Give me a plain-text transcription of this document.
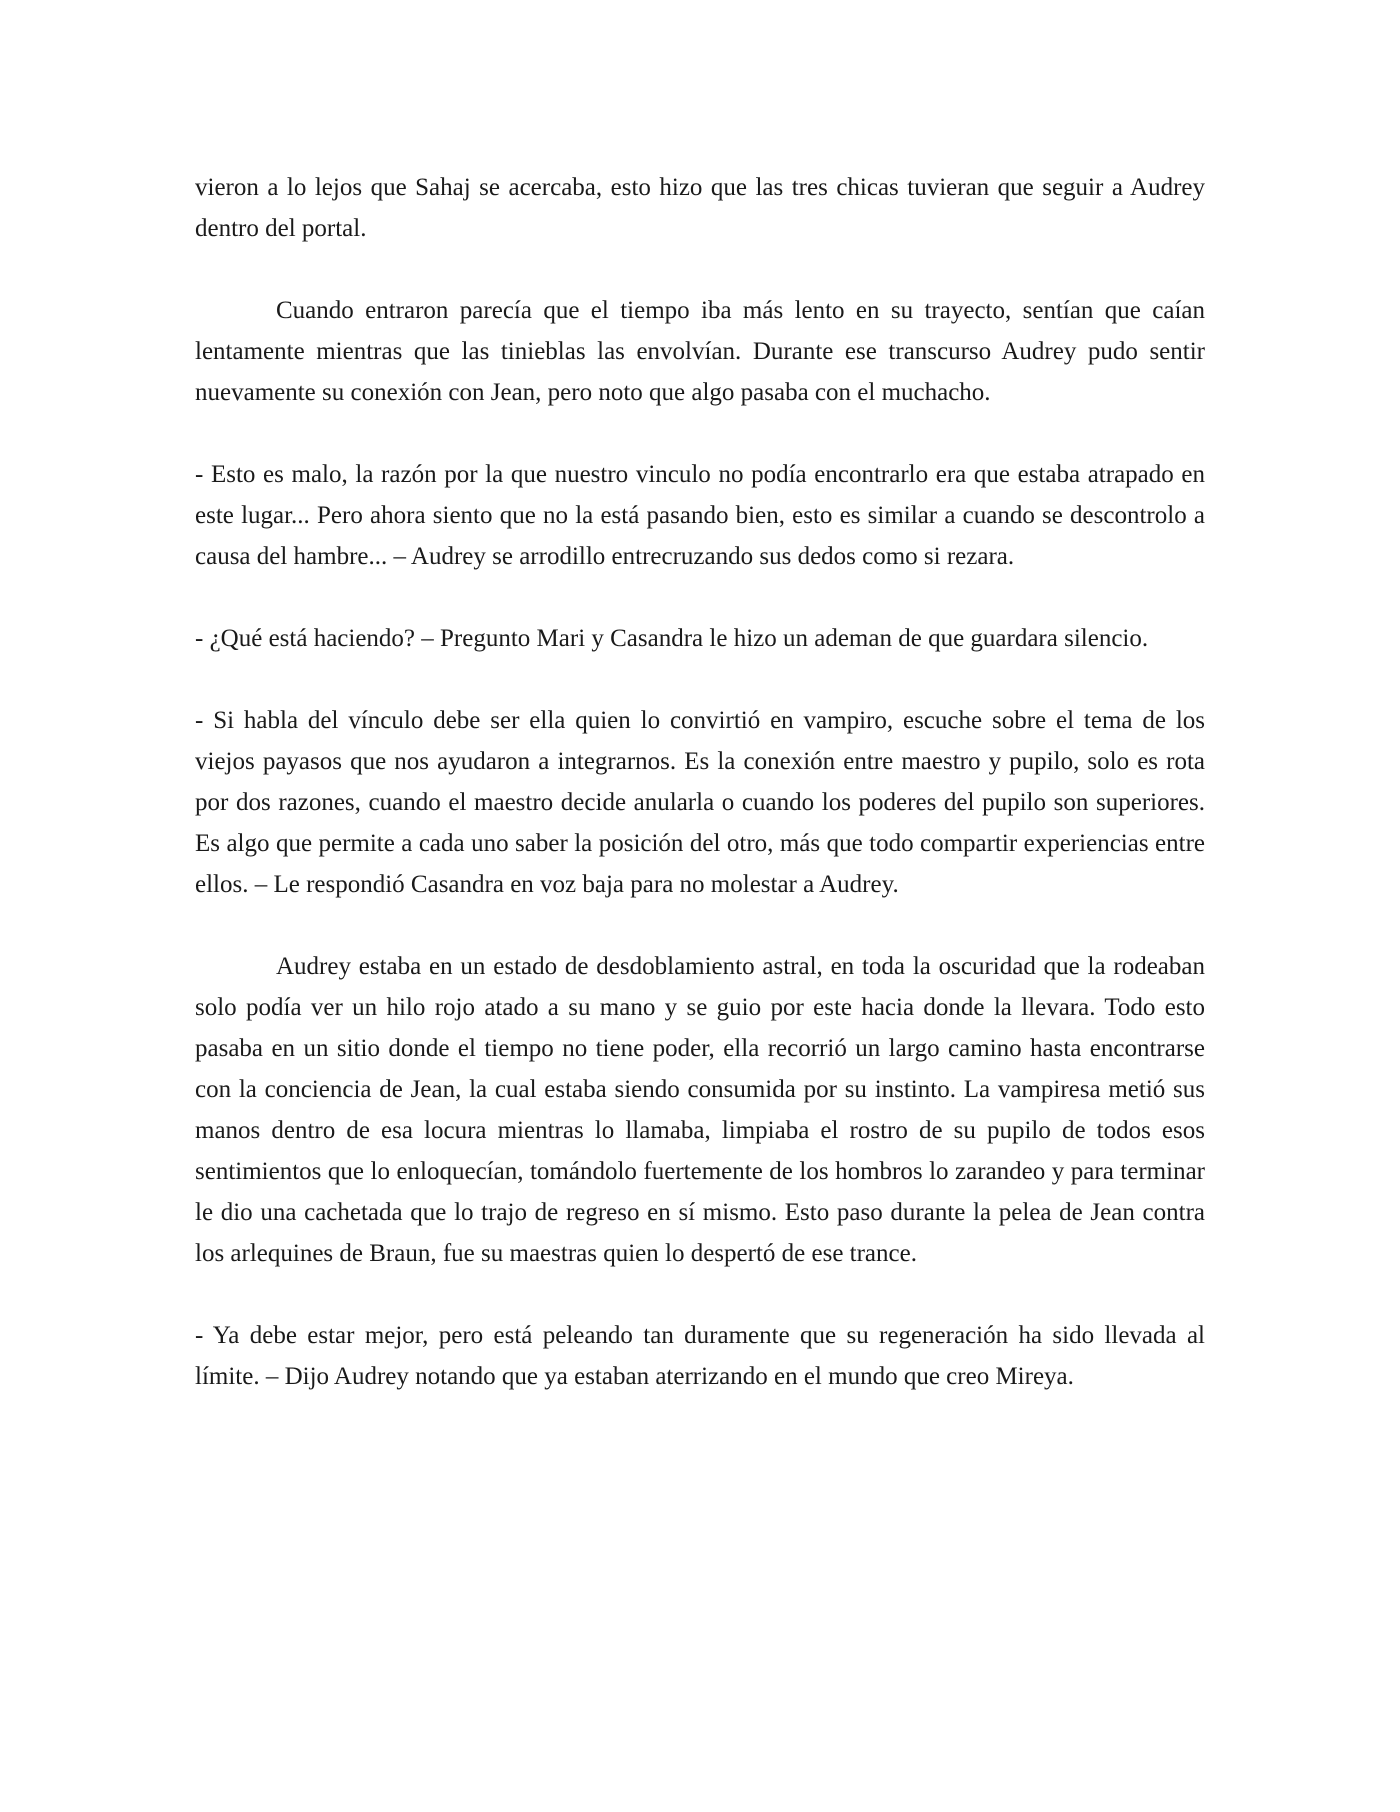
vieron a lo lejos que Sahaj se acercaba, esto hizo que las tres chicas tuvieran que seguir a Audrey dentro del portal.

Cuando entraron parecía que el tiempo iba más lento en su trayecto, sentían que caían lentamente mientras que las tinieblas las envolvían. Durante ese transcurso Audrey pudo sentir nuevamente su conexión con Jean, pero noto que algo pasaba con el muchacho.

- Esto es malo, la razón por la que nuestro vinculo no podía encontrarlo era que estaba atrapado en este lugar... Pero ahora siento que no la está pasando bien, esto es similar a cuando se descontrolo a causa del hambre... – Audrey se arrodillo entrecruzando sus dedos como si rezara.

- ¿Qué está haciendo? – Pregunto Mari y Casandra le hizo un ademan de que guardara silencio.

- Si habla del vínculo debe ser ella quien lo convirtió en vampiro, escuche sobre el tema de los viejos payasos que nos ayudaron a integrarnos. Es la conexión entre maestro y pupilo, solo es rota por dos razones, cuando el maestro decide anularla o cuando los poderes del pupilo son superiores. Es algo que permite a cada uno saber la posición del otro, más que todo compartir experiencias entre ellos. – Le respondió Casandra en voz baja para no molestar a Audrey.

Audrey estaba en un estado de desdoblamiento astral, en toda la oscuridad que la rodeaban solo podía ver un hilo rojo atado a su mano y se guio por este hacia donde la llevara. Todo esto pasaba en un sitio donde el tiempo no tiene poder, ella recorrió un largo camino hasta encontrarse con la conciencia de Jean, la cual estaba siendo consumida por su instinto. La vampiresa metió sus manos dentro de esa locura mientras lo llamaba, limpiaba el rostro de su pupilo de todos esos sentimientos que lo enloquecían, tomándolo fuertemente de los hombros lo zarandeo y para terminar le dio una cachetada que lo trajo de regreso en sí mismo. Esto paso durante la pelea de Jean contra los arlequines de Braun, fue su maestras quien lo despertó de ese trance.

- Ya debe estar mejor, pero está peleando tan duramente que su regeneración ha sido llevada al límite. – Dijo Audrey notando que ya estaban aterrizando en el mundo que creo Mireya.
